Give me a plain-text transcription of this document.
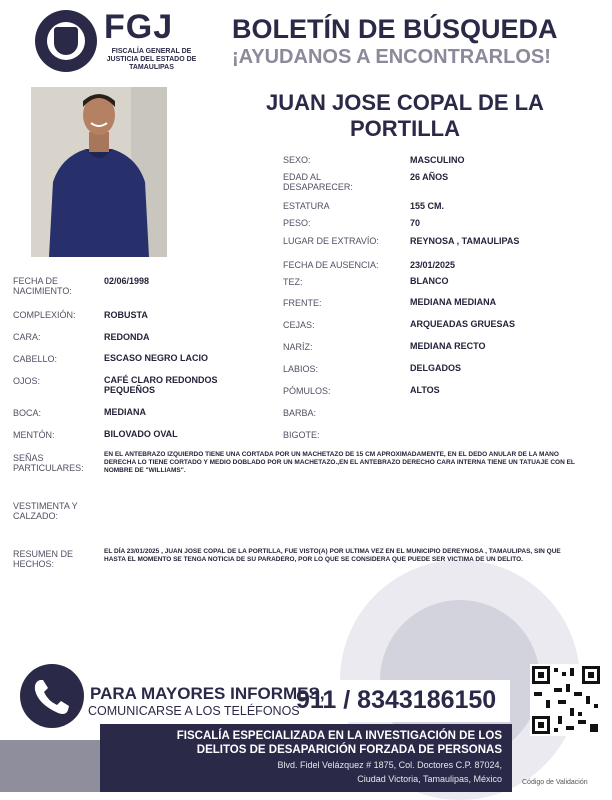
FGJ
FISCALÍA GENERAL DE JUSTICIA DEL ESTADO DE TAMAULIPAS
BOLETÍN DE BÚSQUEDA
¡AYUDANOS A ENCONTRARLOS!
JUAN JOSE COPAL DE LA PORTILLA
SEXO:	MASCULINO
EDAD AL DESAPARECER:
26 AÑOS
ESTATURA	155 CM.
PESO:	70
LUGAR DE EXTRAVÍO:	REYNOSA , TAMAULIPAS
FECHA DE AUSENCIA:	23/01/2025
TEZ:	BLANCO
FRENTE:	MEDIANA MEDIANA
CEJAS:	ARQUEADAS GRUESAS
NARÍZ:	MEDIANA RECTO
LABIOS:	DELGADOS
PÓMULOS:	ALTOS
BARBA:
BIGOTE:
FECHA DE NACIMIENTO:
02/06/1998
COMPLEXIÓN:	ROBUSTA
CARA:	REDONDA
CABELLO:	ESCASO NEGRO LACIO
OJOS:	CAFÉ CLARO REDONDOS PEQUEÑOS
BOCA:	MEDIANA
MENTÓN:	BILOVADO OVAL
SEÑAS PARTICULARES:
EN EL ANTEBRAZO IZQUIERDO TIENE UNA CORTADA POR UN MACHETAZO DE 15 CM APROXIMADAMENTE, EN EL DEDO ANULAR DE LA MANO DERECHA LO TIENE CORTADO Y MEDIO DOBLADO POR UN MACHETAZO.,EN EL ANTEBRAZO DERECHO CARA INTERNA TIENE UN TATUAJE CON EL NOMBRE DE "WILLIAMS".
VESTIMENTA Y CALZADO:
RESUMEN DE HECHOS:
EL DÍA 23/01/2025 , JUAN JOSE COPAL DE LA PORTILLA, FUE VISTO(A) POR ULTIMA VEZ EN EL MUNICIPIO DEREYNOSA , TAMAULIPAS, SIN QUE HASTA EL MOMENTO SE TENGA NOTICIA DE SU PARADERO, POR LO QUE SE CONSIDERA QUE PUEDE SER VICTIMA DE UN DELITO.
PARA MAYORES INFORMES,
COMUNICARSE A LOS TELÉFONOS
911 / 8343186150
FISCALÍA ESPECIALIZADA EN LA INVESTIGACIÓN DE LOS
DELITOS DE DESAPARICIÓN FORZADA DE PERSONAS
Blvd. Fidel Velázquez # 1875, Col. Doctores C.P. 87024,
Ciudad Victoria, Tamaulipas, México	Código de Validación
